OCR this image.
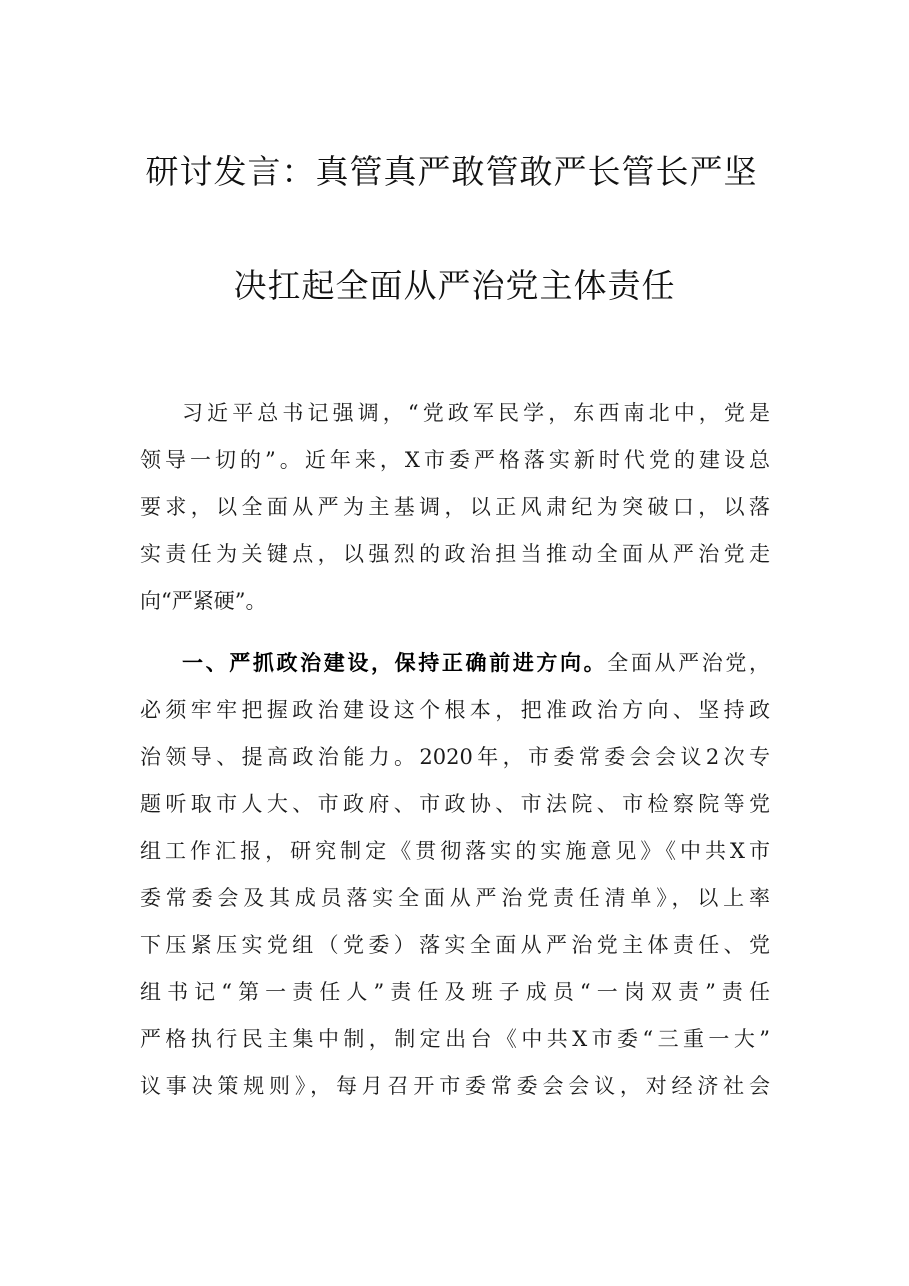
研讨发言：真管真严敢管敢严长管长严坚
决扛起全面从严治党主体责任
习近平总书记强调，“党政军民学，东西南北中，党是
领导一切的”。近年来，X市委严格落实新时代党的建设总
要求，以全面从严为主基调，以正风肃纪为突破口，以落
实责任为关键点，以强烈的政治担当推动全面从严治党走
向“严紧硬”。
一、严抓政治建设，保持正确前进方向。全面从严治党，
必须牢牢把握政治建设这个根本，把准政治方向、坚持政
治领导、提高政治能力。2020年，市委常委会会议2次专
题听取市人大、市政府、市政协、市法院、市检察院等党
组工作汇报，研究制定《贯彻落实的实施意见》《中共X市
委常委会及其成员落实全面从严治党责任清单》，以上率
下压紧压实党组（党委）落实全面从严治党主体责任、党
组书记“第一责任人”责任及班子成员“一岗双责”责任
严格执行民主集中制，制定出台《中共X市委“三重一大”
议事决策规则》，每月召开市委常委会会议，对经济社会
